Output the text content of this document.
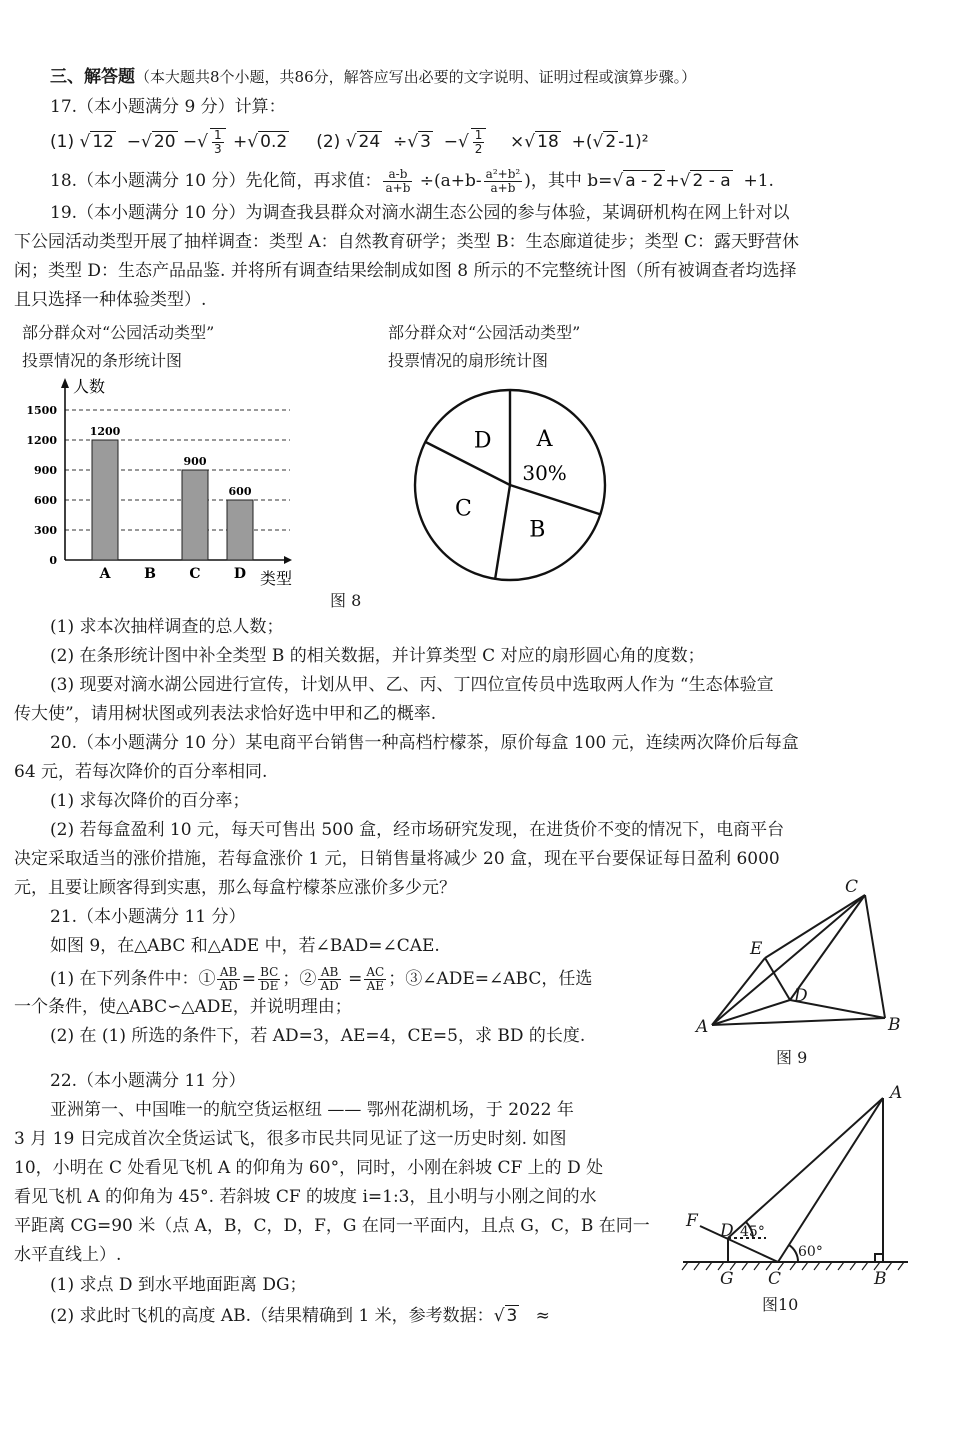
三、解答题（本大题共8个小题，共86分，解答应写出必要的文字说明、证明过程或演算步骤。）
17.（本小题满分 9 分）计算：
(1) √ 12  −√ 20 −√ $\frac{1}{3}$ +√ 0.2 (2) √ 24  ÷√ 3  −√ $\frac{1}{2}$ ×√ 18  +(√ 2 -1)²
18.（本小题满分 10 分）先化简，再求值： $\frac{a-b}{a+b} \div(a+b- \frac{\text{a²+b²}}{a+b}$ )，其中 b=√ a - 2 +√ 2 - a +1.
19.（本小题满分 10 分）为调查我县群众对滴水湖生态公园的参与体验，某调研机构在网上针对以
下公园活动类型开展了抽样调查：类型 A：自然教育研学；类型 B：生态廊道徒步；类型 C：露天野营休
闲；类型 D：生态产品品鉴. 并将所有调查结果绘制成如图 8 所示的不完整统计图（所有被调查者均选择
且只选择一种体验类型）.
部分群众对“公园活动类型”
投票情况的条形统计图
部分群众对“公园活动类型”
投票情况的扇形统计图
0
300
600
900
1200
1500
人数
类型
1200
A B
900
C
600
D
A
30%
B
C
D
图 8
(1) 求本次抽样调查的总人数；
(2) 在条形统计图中补全类型 B 的相关数据，并计算类型 C 对应的扇形圆心角的度数；
(3) 现要对滴水湖公园进行宣传，计划从甲、乙、丙、丁四位宣传员中选取两人作为 “生态体验宣
传大使”，请用树状图或列表法求恰好选中甲和乙的概率.
20.（本小题满分 10 分）某电商平台销售一种高档柠檬茶，原价每盒 100 元，连续两次降价后每盒
64 元，若每次降价的百分率相同.
(1) 求每次降价的百分率；
(2) 若每盒盈利 10 元，每天可售出 500 盒，经市场研究发现，在进货价不变的情况下，电商平台
决定采取适当的涨价措施，若每盒涨价 1 元，日销售量将减少 20 盒，现在平台要保证每日盈利 6000
元，且要让顾客得到实惠，那么每盒柠檬茶应涨价多少元？
21.（本小题满分 11 分）
如图 9，在△ABC 和△ADE 中，若∠BAD=∠CAE.
(1) 在下列条件中：① $\frac{AB}{AD} = \frac{BC}{DE}$ ；② $\frac{AB}{AD} = \frac{AC}{AE}$ ；③∠ADE=∠ABC，任选
一个条件，使△ABC∽△ADE，并说明理由；
(2) 在 (1) 所选的条件下，若 AD=3，AE=4，CE=5，求 BD 的长度.	A	B
C
D
E
图 9
22.（本小题满分 11 分）
亚洲第一、中国唯一的航空货运枢纽 —— 鄂州花湖机场，于 2022 年
3 月 19 日完成首次全货运试飞，很多市民共同见证了这一历史时刻. 如图
10，小明在 C 处看见飞机 A 的仰角为 60°，同时，小刚在斜坡 CF 上的 D 处
看见飞机 A 的仰角为 45°. 若斜坡 CF 的坡度 i=1:3，且小明与小刚之间的水
平距离 CG=90 米（点 A，B，C，D，F，G 在同一平面内，且点 G，C，B 在同一
水平直线上）.
(1) 求点 D 到水平地面距离 DG；
(2) 求此时飞机的高度 AB.（结果精确到 1 米，参考数据：√ 3 ≈
A
B
C
D
F
G
45°
60°
图10
